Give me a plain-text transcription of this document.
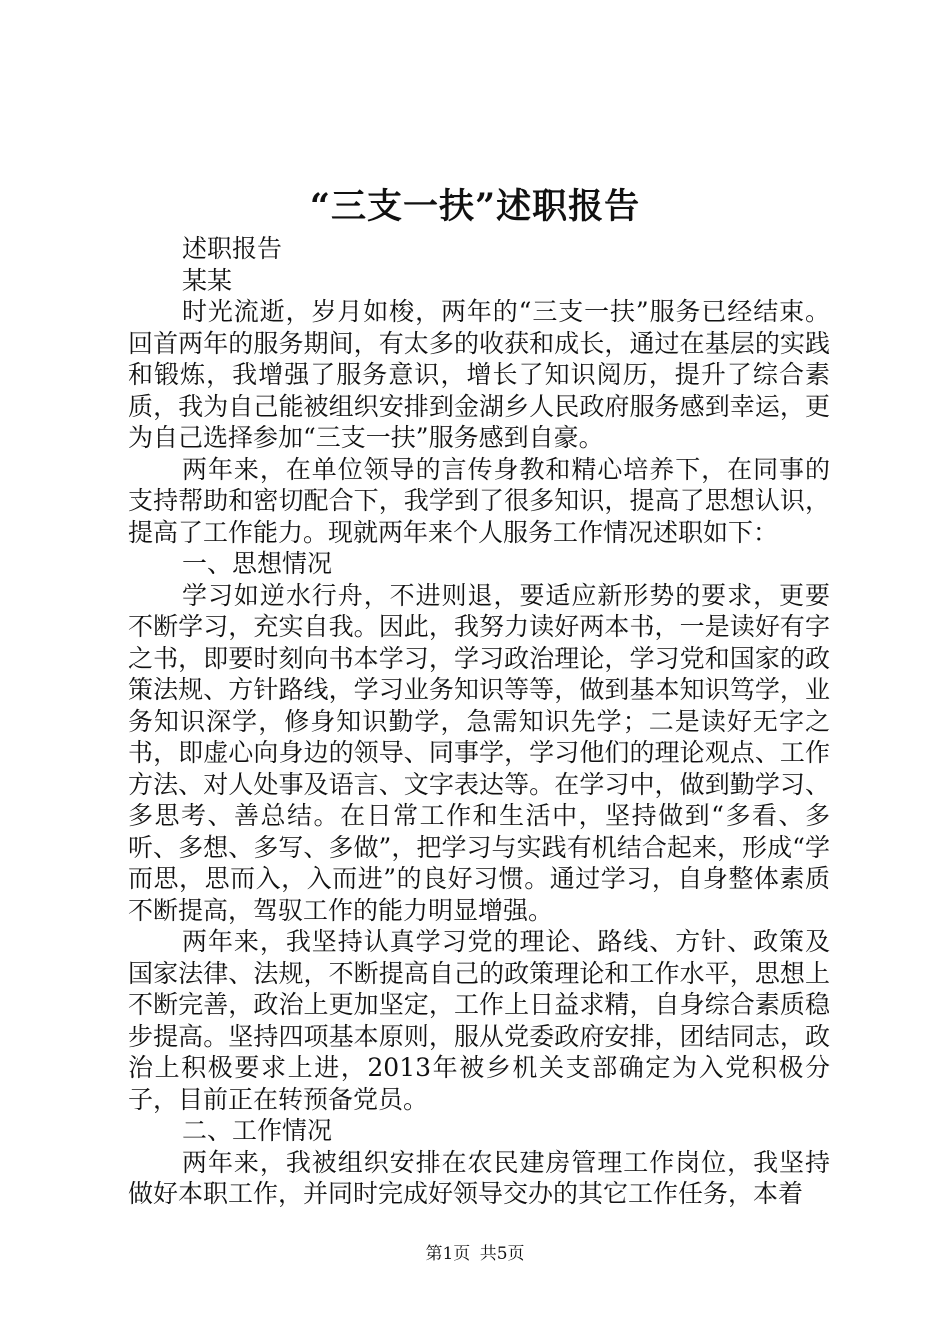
“三支一扶”述职报告

述职报告

某某

时光流逝，岁月如梭，两年的“三支一扶”服务已经结束。回首两年的服务期间，有太多的收获和成长，通过在基层的实践和锻炼，我增强了服务意识，增长了知识阅历，提升了综合素质，我为自己能被组织安排到金湖乡人民政府服务感到幸运，更为自己选择参加“三支一扶”服务感到自豪。

两年来，在单位领导的言传身教和精心培养下，在同事的支持帮助和密切配合下，我学到了很多知识，提高了思想认识，提高了工作能力。现就两年来个人服务工作情况述职如下：

一、思想情况

学习如逆水行舟，不进则退，要适应新形势的要求，更要不断学习，充实自我。因此，我努力读好两本书，一是读好有字之书，即要时刻向书本学习，学习政治理论，学习党和国家的政策法规、方针路线，学习业务知识等等，做到基本知识笃学，业务知识深学，修身知识勤学，急需知识先学；二是读好无字之书，即虚心向身边的领导、同事学，学习他们的理论观点、工作方法、对人处事及语言、文字表达等。在学习中，做到勤学习、多思考、善总结。在日常工作和生活中，坚持做到“多看、多听、多想、多写、多做”，把学习与实践有机结合起来，形成“学而思，思而入，入而进”的良好习惯。通过学习，自身整体素质不断提高，驾驭工作的能力明显增强。

两年来，我坚持认真学习党的理论、路线、方针、政策及国家法律、法规，不断提高自己的政策理论和工作水平，思想上不断完善，政治上更加坚定，工作上日益求精，自身综合素质稳步提高。坚持四项基本原则，服从党委政府安排，团结同志，政治上积极要求上进，2013年被乡机关支部确定为入党积极分子，目前正在转预备党员。

二、工作情况

两年来，我被组织安排在农民建房管理工作岗位，我坚持做好本职工作，并同时完成好领导交办的其它工作任务，本着

第1页 共5页
